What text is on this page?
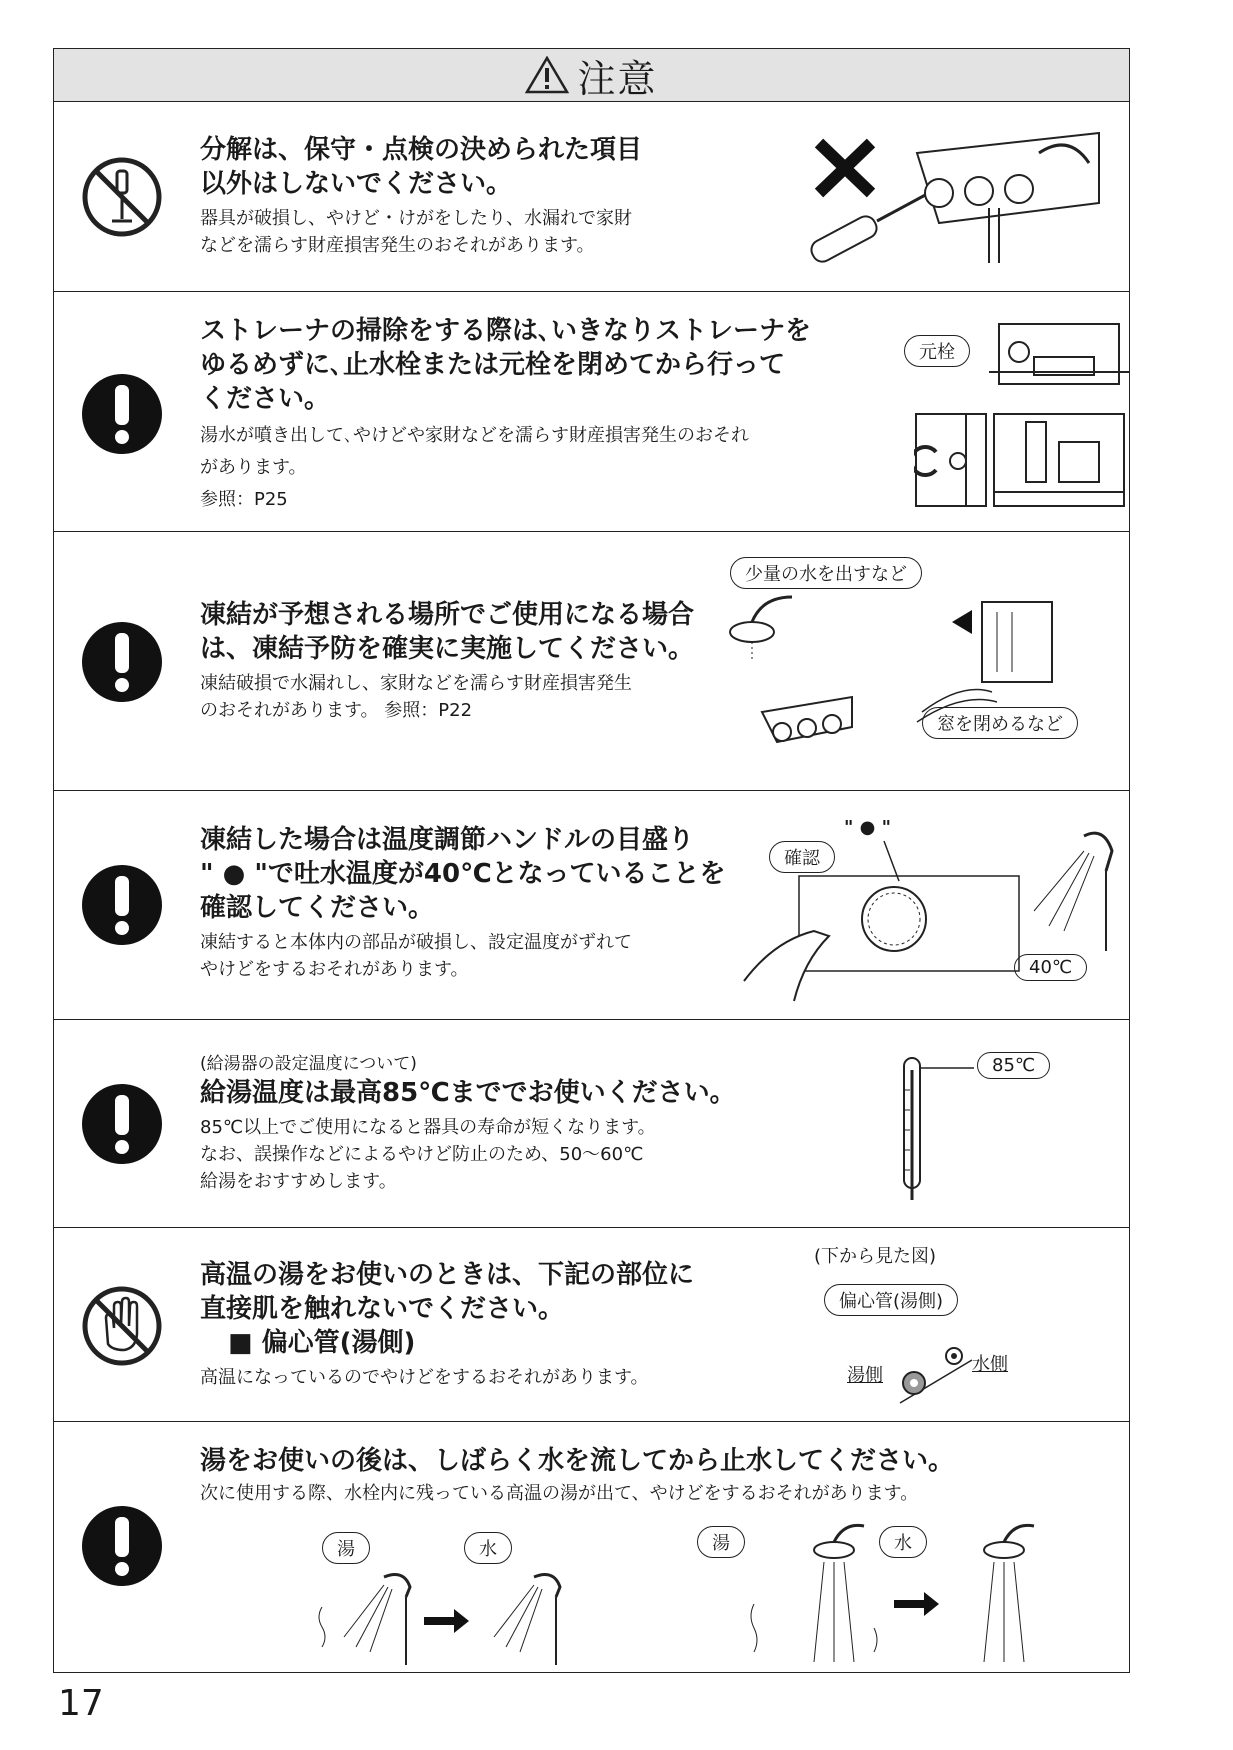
注意

分解は、保守・点検の決められた項目
以外はしないでください。

器具が破損し、やけど・けがをしたり、水漏れで家財
などを濡らす財産損害発生のおそれがあります。

ストレーナの掃除をする際は､いきなりストレーナを
ゆるめずに､止水栓または元栓を閉めてから行って
ください。

湯水が噴き出して､やけどや家財などを濡らす財産損害発生のおそれ
があります。

参照：P25

元栓

凍結が予想される場所でご使用になる場合
は、凍結予防を確実に実施してください。

凍結破損で水漏れし、家財などを濡らす財産損害発生
のおそれがあります。 参照：P22

少量の水を出すなど
窓を閉めるなど

凍結した場合は温度調節ハンドルの目盛り
" ● "で吐水温度が40℃となっていることを
確認してください。

凍結すると本体内の部品が破損し、設定温度がずれて
やけどをするおそれがあります。

確認
" ● "
40℃

(給湯器の設定温度について)

給湯温度は最高85℃まででお使いください。

85℃以上でご使用になると器具の寿命が短くなります。
なお、誤操作などによるやけど防止のため、50～60℃
給湯をおすすめします。

85℃

高温の湯をお使いのときは、下記の部位に
直接肌を触れないでください。

■ 偏心管(湯側)

高温になっているのでやけどをするおそれがあります。

(下から見た図)
偏心管(湯側)
湯側
水側

湯をお使いの後は、しばらく水を流してから止水してください。

次に使用する際、水栓内に残っている高温の湯が出て、やけどをするおそれがあります。

湯	水	湯	水
17
